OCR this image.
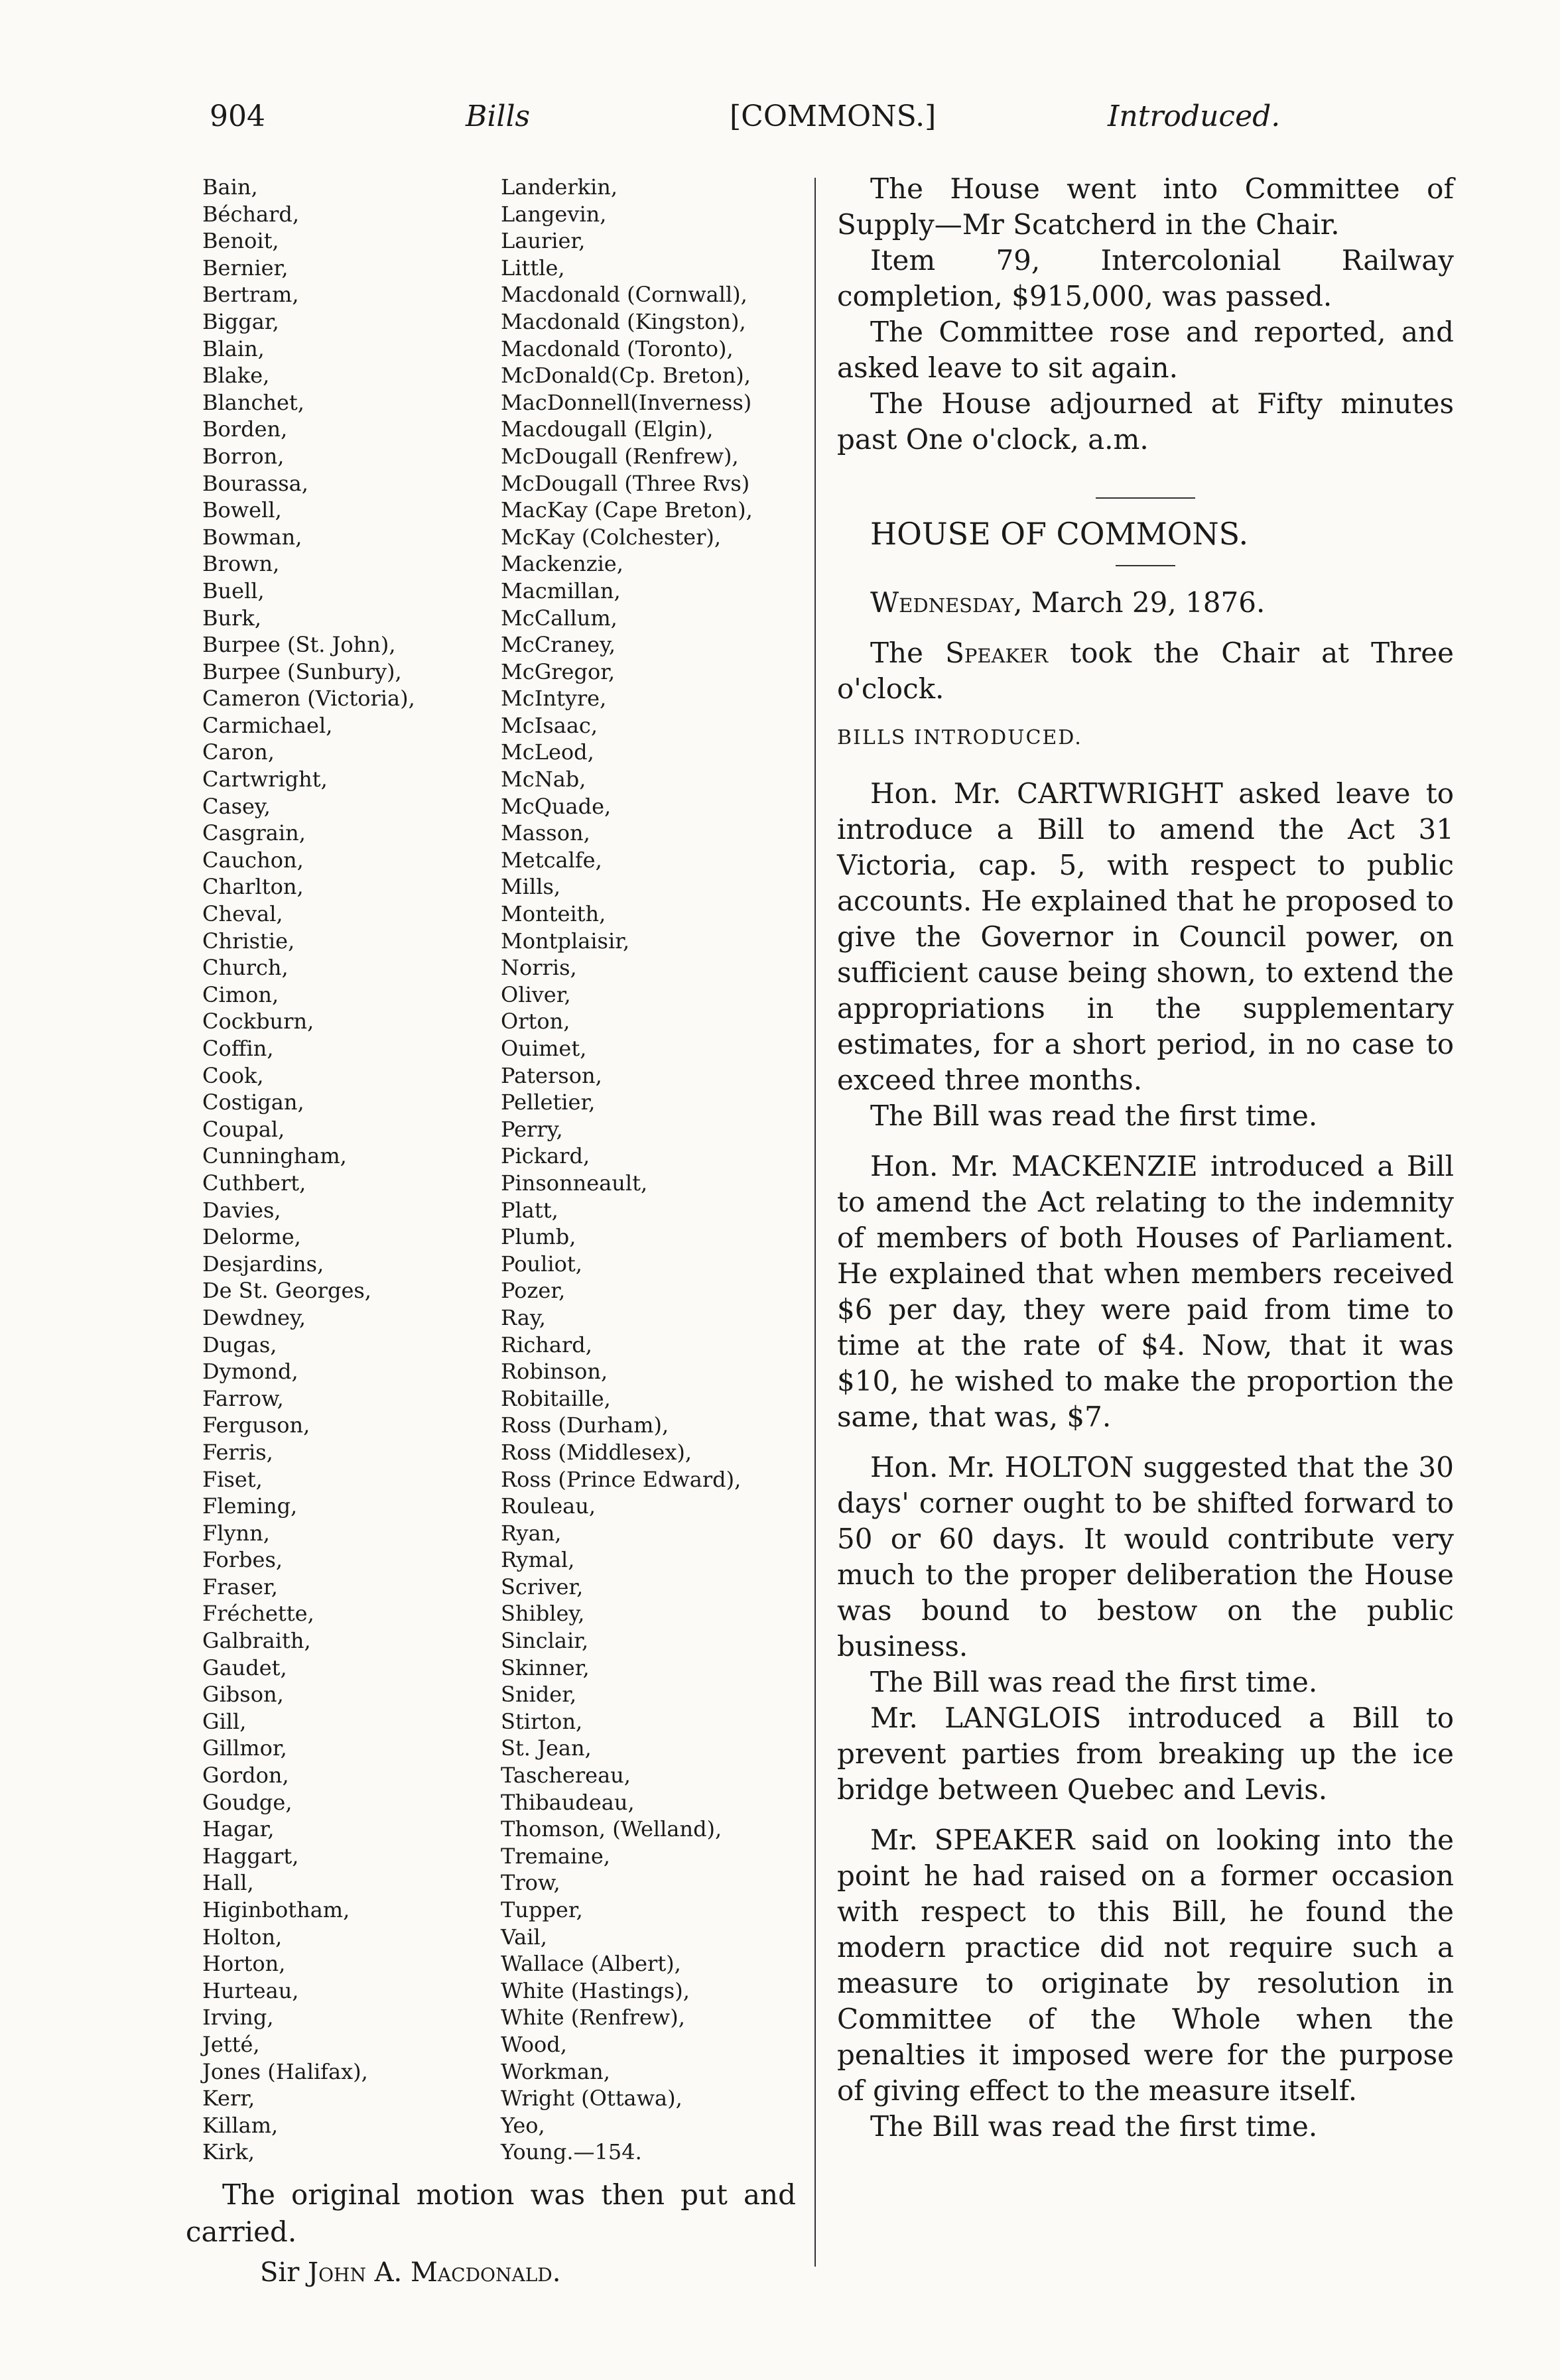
904	Bills	[COMMONS.]	Introduced.
Bain,
Béchard,
Benoit,
Bernier,
Bertram,
Biggar,
Blain,
Blake,
Blanchet,
Borden,
Borron,
Bourassa,
Bowell,
Bowman,
Brown,
Buell,
Burk,
Burpee (St. John),
Burpee (Sunbury),
Cameron (Victoria),
Carmichael,
Caron,
Cartwright,
Casey,
Casgrain,
Cauchon,
Charlton,
Cheval,
Christie,
Church,
Cimon,
Cockburn,
Coffin,
Cook,
Costigan,
Coupal,
Cunningham,
Cuthbert,
Davies,
Delorme,
Desjardins,
De St. Georges,
Dewdney,
Dugas,
Dymond,
Farrow,
Ferguson,
Ferris,
Fiset,
Fleming,
Flynn,
Forbes,
Fraser,
Fréchette,
Galbraith,
Gaudet,
Gibson,
Gill,
Gillmor,
Gordon,
Goudge,
Hagar,
Haggart,
Hall,
Higinbotham,
Holton,
Horton,
Hurteau,
Irving,
Jetté,
Jones (Halifax),
Kerr,
Killam,
Kirk,
Landerkin,
Langevin,
Laurier,
Little,
Macdonald (Cornwall),
Macdonald (Kingston),
Macdonald (Toronto),
McDonald(Cp. Breton),
MacDonnell(Inverness)
Macdougall (Elgin),
McDougall (Renfrew),
McDougall (Three Rvs)
MacKay (Cape Breton),
McKay (Colchester),
Mackenzie,
Macmillan,
McCallum,
McCraney,
McGregor,
McIntyre,
McIsaac,
McLeod,
McNab,
McQuade,
Masson,
Metcalfe,
Mills,
Monteith,
Montplaisir,
Norris,
Oliver,
Orton,
Ouimet,
Paterson,
Pelletier,
Perry,
Pickard,
Pinsonneault,
Platt,
Plumb,
Pouliot,
Pozer,
Ray,
Richard,
Robinson,
Robitaille,
Ross (Durham),
Ross (Middlesex),
Ross (Prince Edward),
Rouleau,
Ryan,
Rymal,
Scriver,
Shibley,
Sinclair,
Skinner,
Snider,
Stirton,
St. Jean,
Taschereau,
Thibaudeau,
Thomson, (Welland),
Tremaine,
Trow,
Tupper,
Vail,
Wallace (Albert),
White (Hastings),
White (Renfrew),
Wood,
Workman,
Wright (Ottawa),
Yeo,
Young.—154.

The original motion was then put and carried.

Sir John A. Macdonald.

The House went into Committee of Supply—Mr Scatcherd in the Chair.

Item 79, Intercolonial Railway completion, $915,000, was passed.

The Committee rose and reported, and asked leave to sit again.

The House adjourned at Fifty minutes past One o'clock, a.m.

HOUSE OF COMMONS.

Wednesday, March 29, 1876.

The Speaker took the Chair at Three o'clock.

BILLS INTRODUCED.

Hon. Mr. CARTWRIGHT asked leave to introduce a Bill to amend the Act 31 Victoria, cap. 5, with respect to public accounts. He explained that he proposed to give the Governor in Council power, on sufficient cause being shown, to extend the appropriations in the supplementary estimates, for a short period, in no case to exceed three months.

The Bill was read the first time.

Hon. Mr. MACKENZIE introduced a Bill to amend the Act relating to the indemnity of members of both Houses of Parliament. He explained that when members received $6 per day, they were paid from time to time at the rate of $4. Now, that it was $10, he wished to make the proportion the same, that was, $7.

Hon. Mr. HOLTON suggested that the 30 days' corner ought to be shifted forward to 50 or 60 days. It would contribute very much to the proper deliberation the House was bound to bestow on the public business.

The Bill was read the first time.

Mr. LANGLOIS introduced a Bill to prevent parties from breaking up the ice bridge between Quebec and Levis.

Mr. SPEAKER said on looking into the point he had raised on a former occasion with respect to this Bill, he found the modern practice did not require such a measure to originate by resolution in Committee of the Whole when the penalties it imposed were for the purpose of giving effect to the measure itself.

The Bill was read the first time.
